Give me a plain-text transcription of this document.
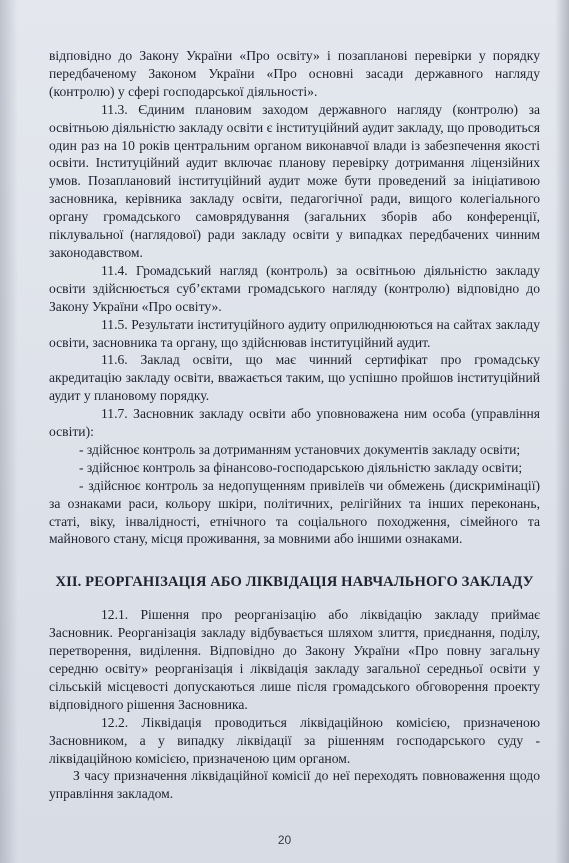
відповідно до Закону України «Про освіту» і позапланові перевірки у порядку передбаченому Законом України «Про основні засади державного нагляду (контролю) у сфері господарської діяльності».

11.3. Єдиним плановим заходом державного нагляду (контролю) за освітньою діяльністю закладу освіти є інституційний аудит закладу, що проводиться один раз на 10 років центральним органом виконавчої влади із забезпечення якості освіти. Інституційний аудит включає планову перевірку дотримання ліцензійних умов. Позаплановий інституційний аудит може бути проведений за ініціативою засновника, керівника закладу освіти, педагогічної ради, вищого колегіального органу громадського самоврядування (загальних зборів або конференції, піклувальної (наглядової) ради закладу освіти у випадках передбачених чинним законодавством.

11.4. Громадський нагляд (контроль) за освітньою діяльністю закладу освіти здійснюється суб’єктами громадського нагляду (контролю) відповідно до Закону України «Про освіту».

11.5. Результати інституційного аудиту оприлюднюються на сайтах закладу освіти, засновника та органу, що здійснював інституційний аудит.

11.6. Заклад освіти, що має чинний сертифікат про громадську акредитацію закладу освіти, вважається таким, що успішно пройшов інституційний аудит у плановому порядку.

11.7. Засновник закладу освіти або уповноважена ним особа (управління освіти):

- здійснює контроль за дотриманням установчих документів закладу освіти;

- здійснює контроль за фінансово-господарською діяльністю закладу освіти;

- здійснює контроль за недопущенням привілеїв чи обмежень (дискримінації) за ознаками раси, кольору шкіри, політичних, релігійних та інших переконань, статі, віку, інвалідності, етнічного та соціального походження, сімейного та майнового стану, місця проживання, за мовними або іншими ознаками.

ХІІ. РЕОРГАНІЗАЦІЯ АБО ЛІКВІДАЦІЯ НАВЧАЛЬНОГО ЗАКЛАДУ

12.1. Рішення про реорганізацію або ліквідацію закладу приймає Засновник. Реорганізація закладу відбувається шляхом злиття, приєднання, поділу, перетворення, виділення. Відповідно до Закону України «Про повну загальну середню освіту» реорганізація і ліквідація закладу загальної середньої освіти у сільській місцевості допускаються лише після громадського обговорення проекту відповідного рішення Засновника.

12.2. Ліквідація проводиться ліквідаційною комісією, призначеною Засновником, а у випадку ліквідації за рішенням господарського суду - ліквідаційною комісією, призначеною цим органом.

З часу призначення ліквідаційної комісії до неї переходять повноваження щодо управління закладом.

20
